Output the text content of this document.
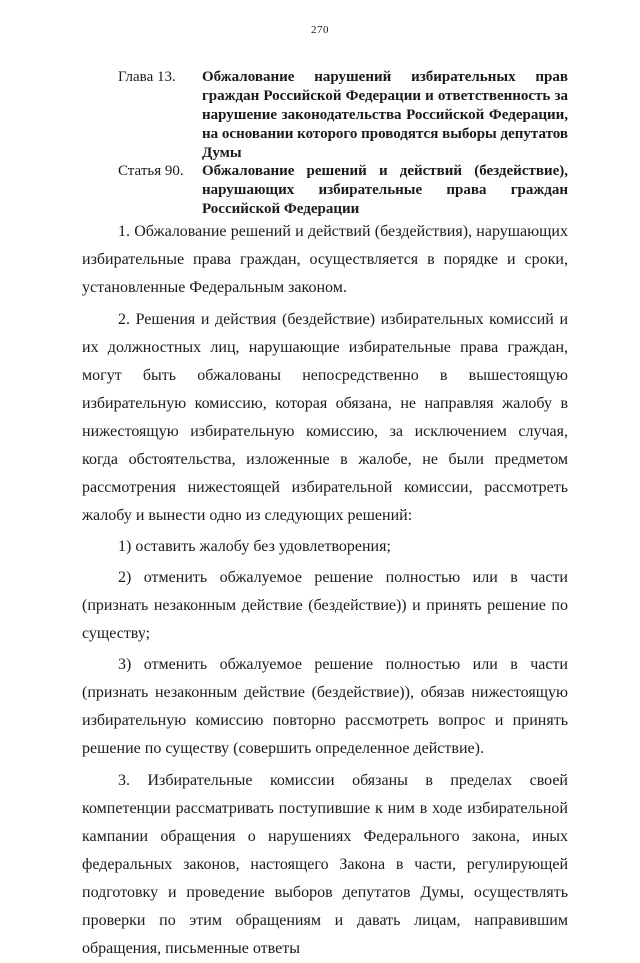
270
Глава 13.	Обжалование нарушений избирательных прав граждан Российской Федерации и ответственность за нарушение законодательства Российской Федерации, на основании которого проводятся выборы депутатов Думы
Статья 90.	Обжалование решений и действий (бездействие), нарушающих избирательные права граждан Российской Федерации

1. Обжалование решений и действий (бездействия), нарушающих избирательные права граждан, осуществляется в порядке и сроки, установленные Федеральным законом.

2. Решения и действия (бездействие) избирательных комиссий и их должностных лиц, нарушающие избирательные права граждан, могут быть обжалованы непосредственно в вышестоящую избирательную комиссию, которая обязана, не направляя жалобу в нижестоящую избирательную комиссию, за исключением случая, когда обстоятельства, изложенные в жалобе, не были предметом рассмотрения нижестоящей избирательной комиссии, рассмотреть жалобу и вынести одно из следующих решений:

1) оставить жалобу без удовлетворения;

2) отменить обжалуемое решение полностью или в части (признать незаконным действие (бездействие)) и принять решение по существу;

3) отменить обжалуемое решение полностью или в части (признать незаконным действие (бездействие)), обязав нижестоящую избирательную комиссию повторно рассмотреть вопрос и принять решение по существу (совершить определенное действие).

3. Избирательные комиссии обязаны в пределах своей компетенции рассматривать поступившие к ним в ходе избирательной кампании обращения о нарушениях Федерального закона, иных федеральных законов, настоящего Закона в части, регулирующей подготовку и проведение выборов депутатов Думы, осуществлять проверки по этим обращениям и давать лицам, направившим обращения, письменные ответы
